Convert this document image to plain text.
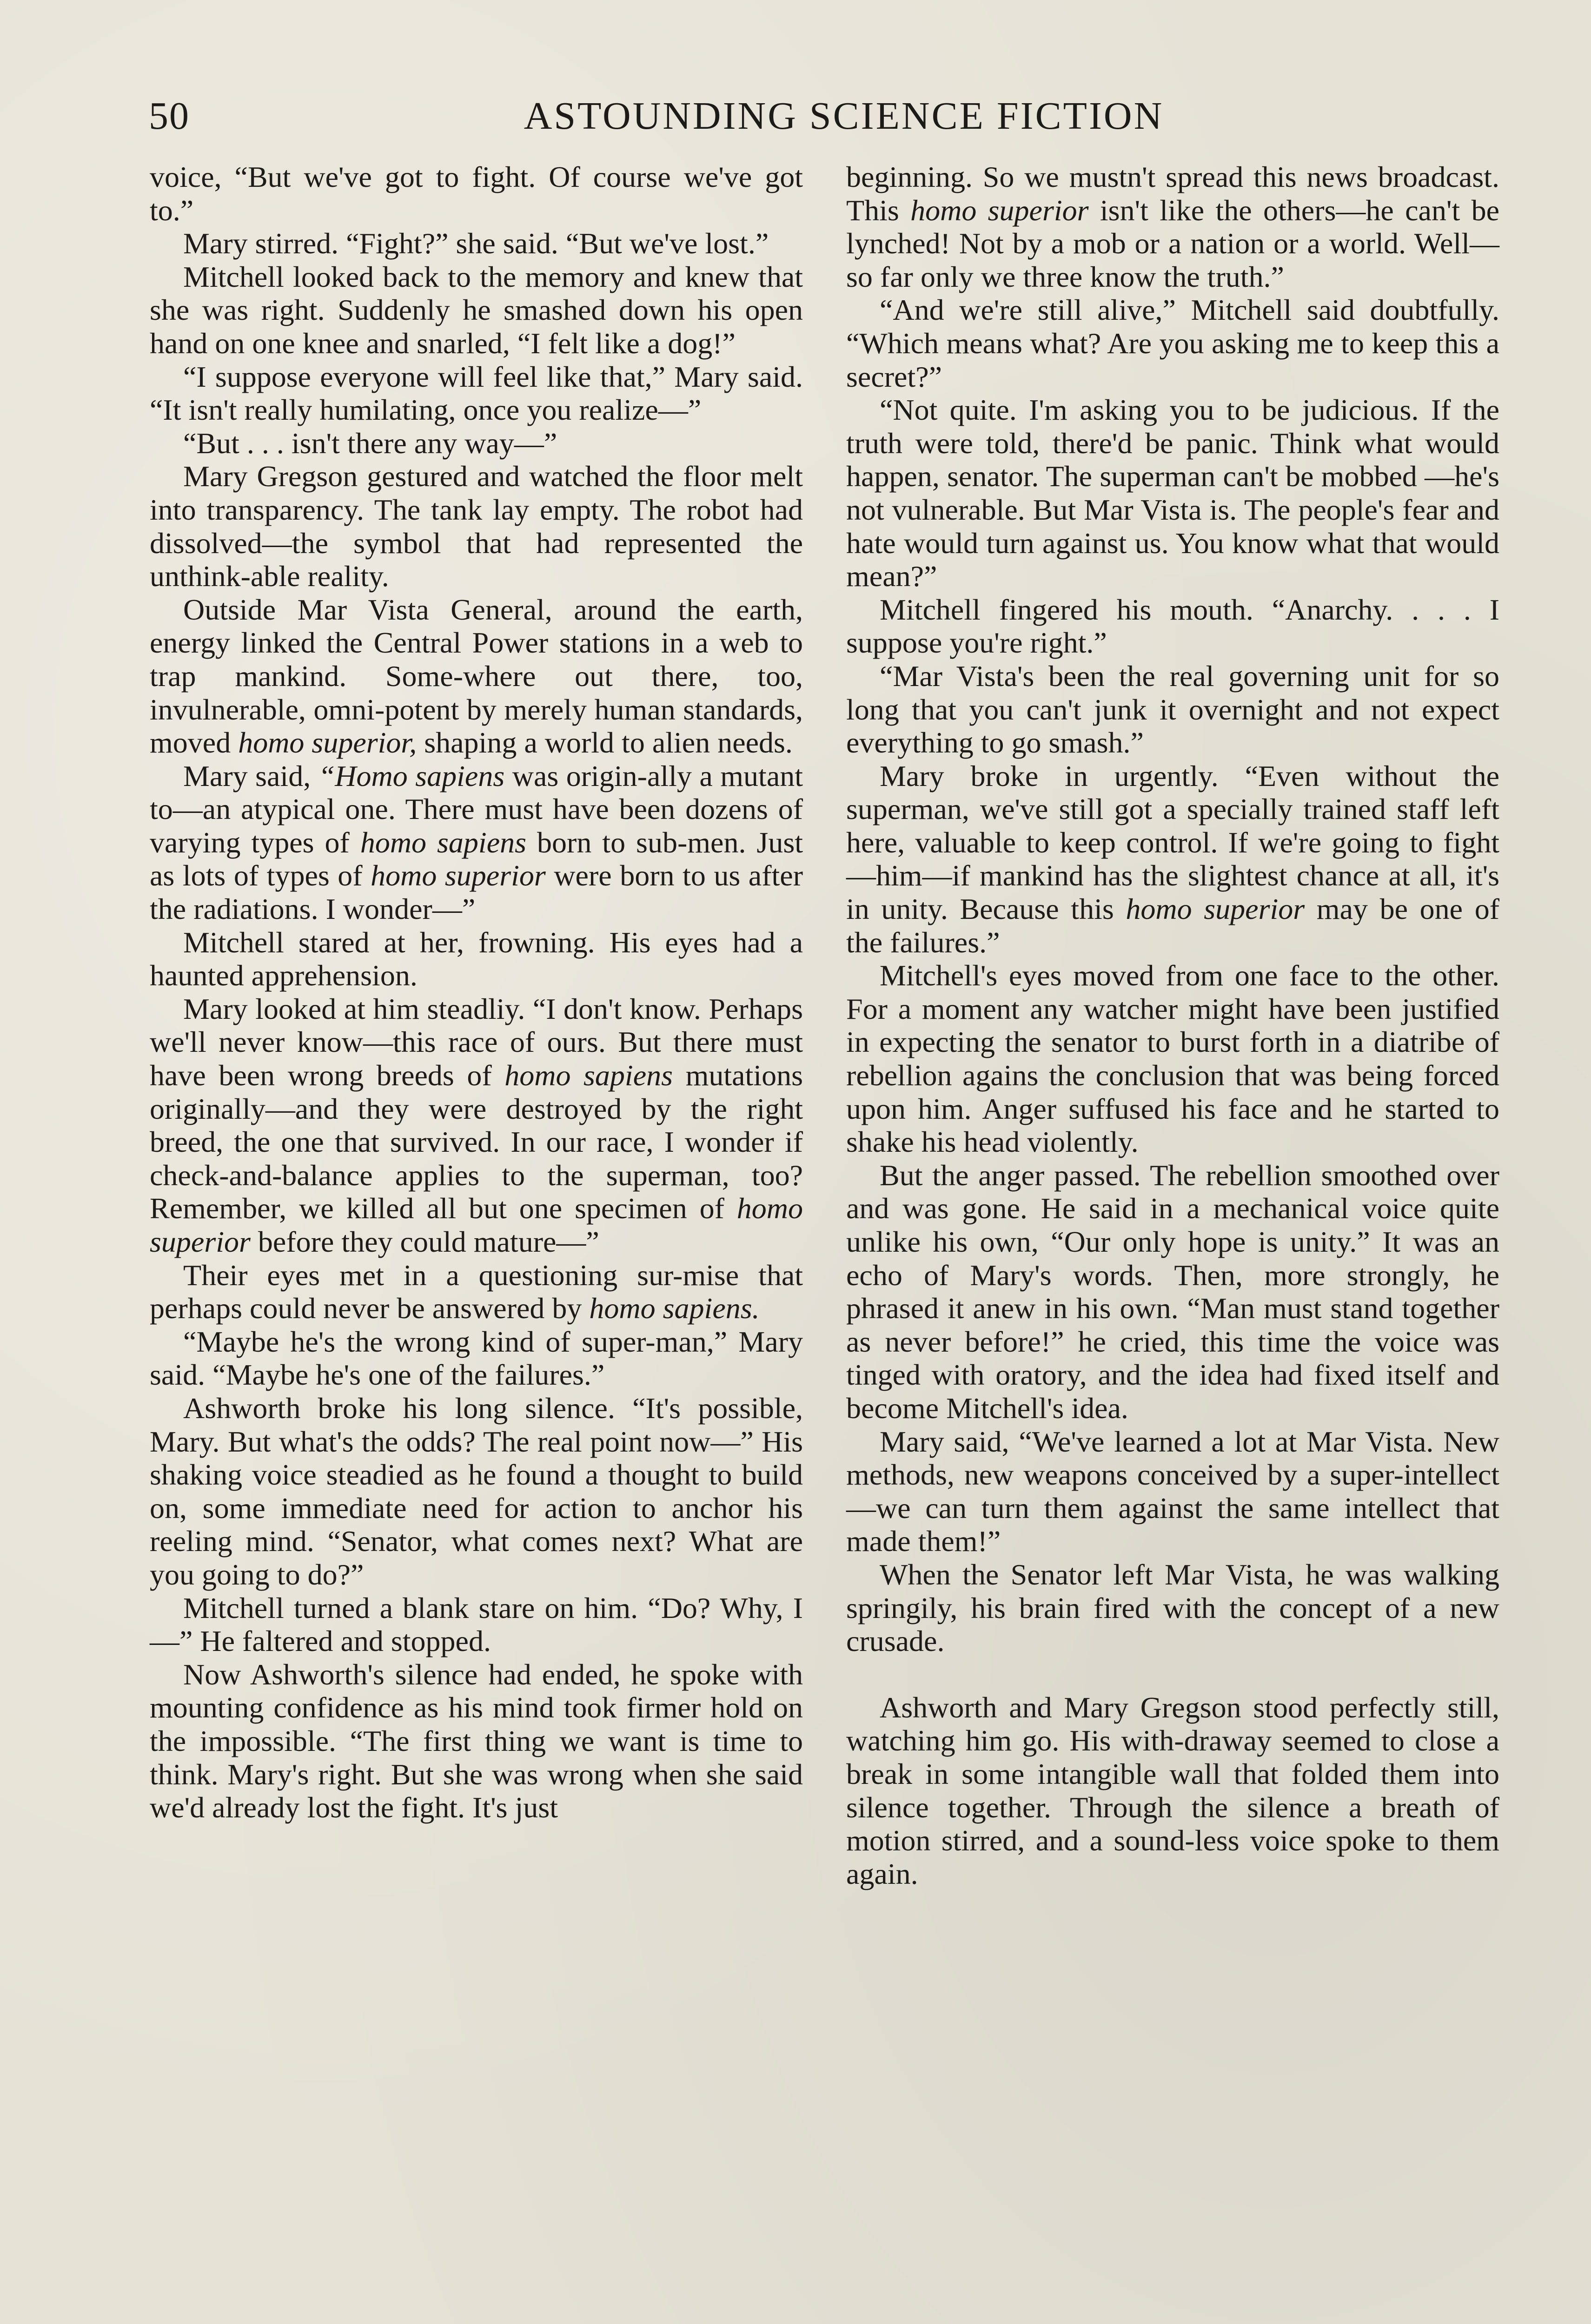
50	ASTOUNDING SCIENCE FICTION

voice, “But we've got to fight. Of course we've got to.”

Mary stirred. “Fight?” she said. “But we've lost.”

Mitchell looked back to the memory and knew that she was right. Suddenly he smashed down his open hand on one knee and snarled, “I felt like a dog!”

“I suppose everyone will feel like that,” Mary said. “It isn't really humilating, once you realize—”

“But . . . isn't there any way—”

Mary Gregson gestured and watched the floor melt into transparency. The tank lay empty. The robot had dissolved—the symbol that had represented the unthink-able reality.

Outside Mar Vista General, around the earth, energy linked the Central Power stations in a web to trap mankind. Some-where out there, too, invulnerable, omni-potent by merely human standards, moved homo superior, shaping a world to alien needs.

Mary said, “Homo sapiens was origin-ally a mutant to—an atypical one. There must have been dozens of varying types of homo sapiens born to sub-men. Just as lots of types of homo superior were born to us after the radiations. I wonder—”

Mitchell stared at her, frowning. His eyes had a haunted apprehension.

Mary looked at him steadliy. “I don't know. Perhaps we'll never know—this race of ours. But there must have been wrong breeds of homo sapiens mutations originally—and they were destroyed by the right breed, the one that survived. In our race, I wonder if check-and-balance applies to the superman, too? Remember, we killed all but one specimen of homo superior before they could mature—”

Their eyes met in a questioning sur-mise that perhaps could never be answered by homo sapiens.

“Maybe he's the wrong kind of super-man,” Mary said. “Maybe he's one of the failures.”

Ashworth broke his long silence. “It's possible, Mary. But what's the odds? The real point now—” His shaking voice steadied as he found a thought to build on, some immediate need for action to anchor his reeling mind. “Senator, what comes next? What are you going to do?”

Mitchell turned a blank stare on him. “Do? Why, I—” He faltered and stopped.

Now Ashworth's silence had ended, he spoke with mounting confidence as his mind took firmer hold on the impossible. “The first thing we want is time to think. Mary's right. But she was wrong when she said we'd already lost the fight. It's just

beginning. So we mustn't spread this news broadcast. This homo superior isn't like the others—he can't be lynched! Not by a mob or a nation or a world. Well—so far only we three know the truth.”

“And we're still alive,” Mitchell said doubtfully. “Which means what? Are you asking me to keep this a secret?”

“Not quite. I'm asking you to be judicious. If the truth were told, there'd be panic. Think what would happen, senator. The superman can't be mobbed —he's not vulnerable. But Mar Vista is. The people's fear and hate would turn against us. You know what that would mean?”

Mitchell fingered his mouth. “Anarchy. . . . I suppose you're right.”

“Mar Vista's been the real governing unit for so long that you can't junk it overnight and not expect everything to go smash.”

Mary broke in urgently. “Even without the superman, we've still got a specially trained staff left here, valuable to keep control. If we're going to fight—him—if mankind has the slightest chance at all, it's in unity. Because this homo superior may be one of the failures.”

Mitchell's eyes moved from one face to the other. For a moment any watcher might have been justified in expecting the senator to burst forth in a diatribe of rebellion agains the conclusion that was being forced upon him. Anger suffused his face and he started to shake his head violently.

But the anger passed. The rebellion smoothed over and was gone. He said in a mechanical voice quite unlike his own, “Our only hope is unity.” It was an echo of Mary's words. Then, more strongly, he phrased it anew in his own. “Man must stand together as never before!” he cried, this time the voice was tinged with oratory, and the idea had fixed itself and become Mitchell's idea.

Mary said, “We've learned a lot at Mar Vista. New methods, new weapons conceived by a super-intellect—we can turn them against the same intellect that made them!”

When the Senator left Mar Vista, he was walking springily, his brain fired with the concept of a new crusade.

Ashworth and Mary Gregson stood perfectly still, watching him go. His with-draway seemed to close a break in some intangible wall that folded them into silence together. Through the silence a breath of motion stirred, and a sound-less voice spoke to them again.
